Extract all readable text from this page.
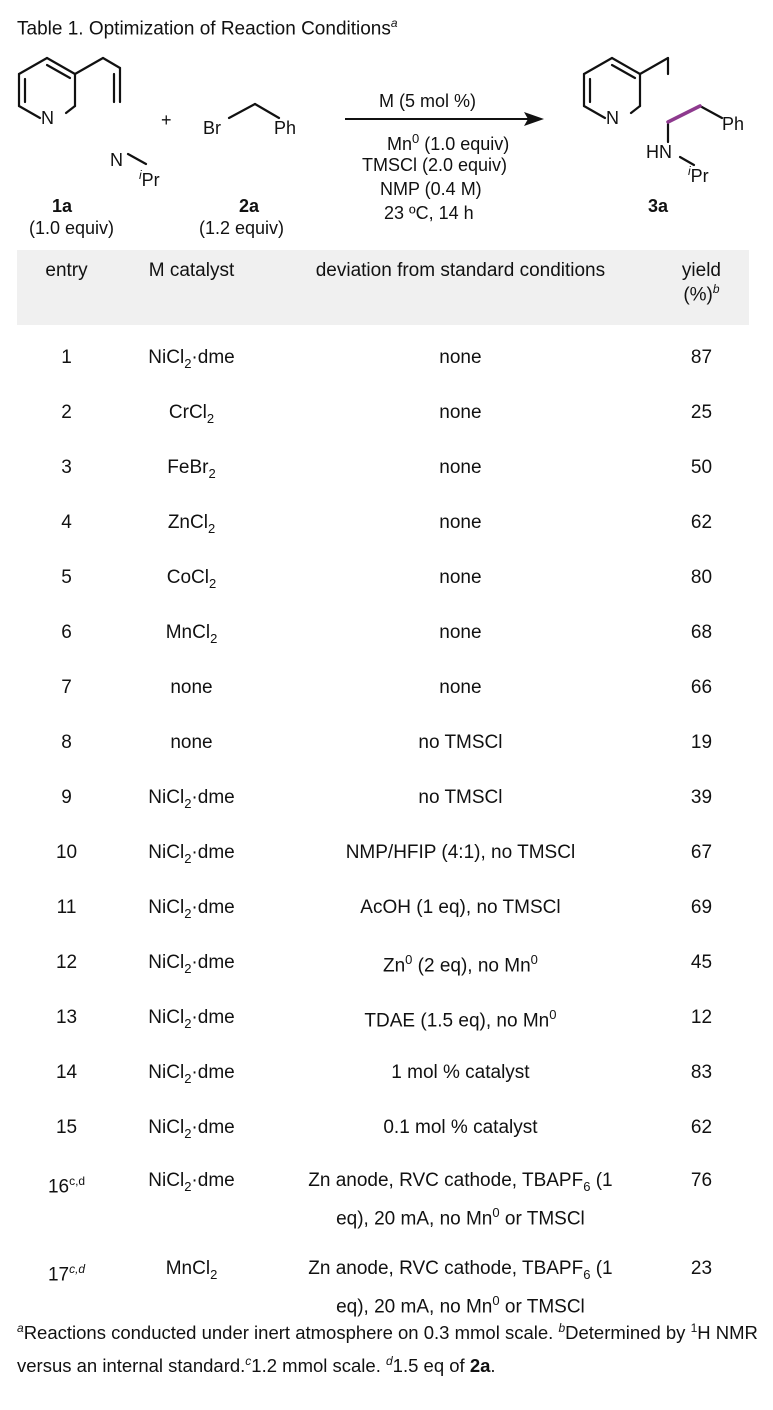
Table 1. Optimization of Reaction Conditions$^a$
N
N
$^i$Pr
1a
(1.0 equiv)
+ Br	Ph
2a
(1.2 equiv)
M (5 mol %)
Mn$^0$ (1.0 equiv)
TMSCl (2.0 equiv)
NMP (0.4 M)
23 ºC, 14 h
N	Ph
HN
$^i$Pr
3a
entry	M catalyst	deviation from standard conditions	yield
(%)$^b$
1	NiCl$_2$·dme	none	87
2	CrCl$_2$	none	25
3	FeBr$_2$	none	50
4	ZnCl$_2$	none	62
5	CoCl$_2$	none	80
6	MnCl$_2$	none	68
7	none	none	66
8	none	no TMSCl	19
9	NiCl$_2$·dme	no TMSCl	39
10	NiCl$_2$·dme	NMP/HFIP (4:1), no TMSCl	67
11	NiCl$_2$·dme	AcOH (1 eq), no TMSCl	69
12	NiCl$_2$·dme	Zn$^0$ (2 eq), no Mn$^0$	45
13	NiCl$_2$·dme	TDAE (1.5 eq), no Mn$^0$	12
14	NiCl$_2$·dme	1 mol % catalyst	83
15	NiCl$_2$·dme	0.1 mol % catalyst	62
16$^{c,d}$	NiCl$_2$·dme	Zn anode, RVC cathode, $TBAPF_6$ (1
eq), 20 mA, no Mn$^0$ or TMSCl	76
17$^{c,d}$	MnCl$_2$	Zn anode, RVC cathode, $TBAPF_6$ (1
eq), 20 mA, no Mn$^0$ or TMSCl	23
$^a$Reactions conducted under inert atmosphere on 0.3 mmol scale. $^b$Determined by $^1$H NMR versus an internal standard.$^c$1.2 mmol scale. $^d$1.5 eq of 2a.
